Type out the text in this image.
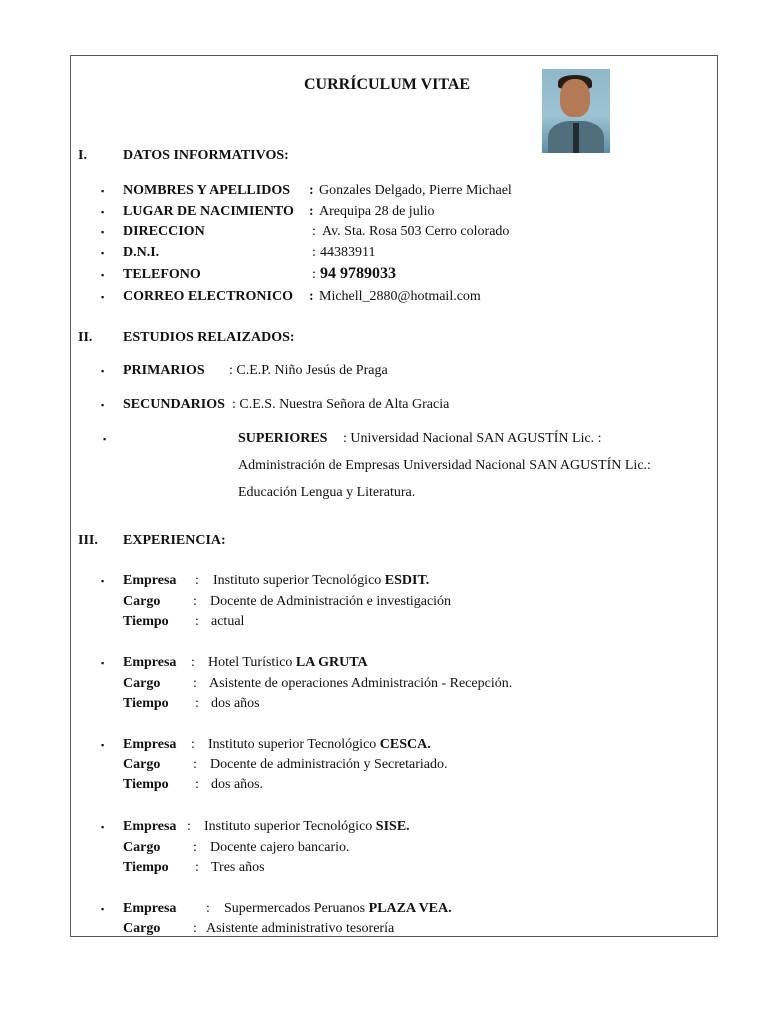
CURRÍCULUM VITAE
I.	DATOS INFORMATIVOS:
▪ NOMBRES Y APELLIDOS : Gonzales Delgado, Pierre Michael
▪ LUGAR DE NACIMIENTO : Arequipa 28 de julio
▪ DIRECCION	: Av. Sta. Rosa 503 Cerro colorado
▪ D.N.I.	: 44383911
▪ TELEFONO	: 94 9789033
▪ CORREO ELECTRONICO : Michell_2880@hotmail.com
II. ESTUDIOS RELAIZADOS:
▪ PRIMARIOS : C.E.P. Niño Jesús de Praga
▪ SECUNDARIOS : C.E.S. Nuestra Señora de Alta Gracia
▪	SUPERIORES : Universidad Nacional SAN AGUSTÍN Lic. :
Administración de Empresas Universidad Nacional SAN AGUSTÍN Lic.:
Educación Lengua y Literatura.
III. EXPERIENCIA:
▪ Empresa : Instituto superior Tecnológico ESDIT.
Cargo : Docente de Administración e investigación
Tiempo : actual
▪ Empresa : Hotel Turístico LA GRUTA
Cargo : Asistente de operaciones Administración - Recepción.
Tiempo : dos años
▪ Empresa : Instituto superior Tecnológico CESCA.
Cargo : Docente de administración y Secretariado.
Tiempo : dos años.
▪ Empresa : Instituto superior Tecnológico SISE.
Cargo : Docente cajero bancario.
Tiempo : Tres años
▪ Empresa : Supermercados Peruanos PLAZA VEA.
Cargo : Asistente administrativo tesorería
